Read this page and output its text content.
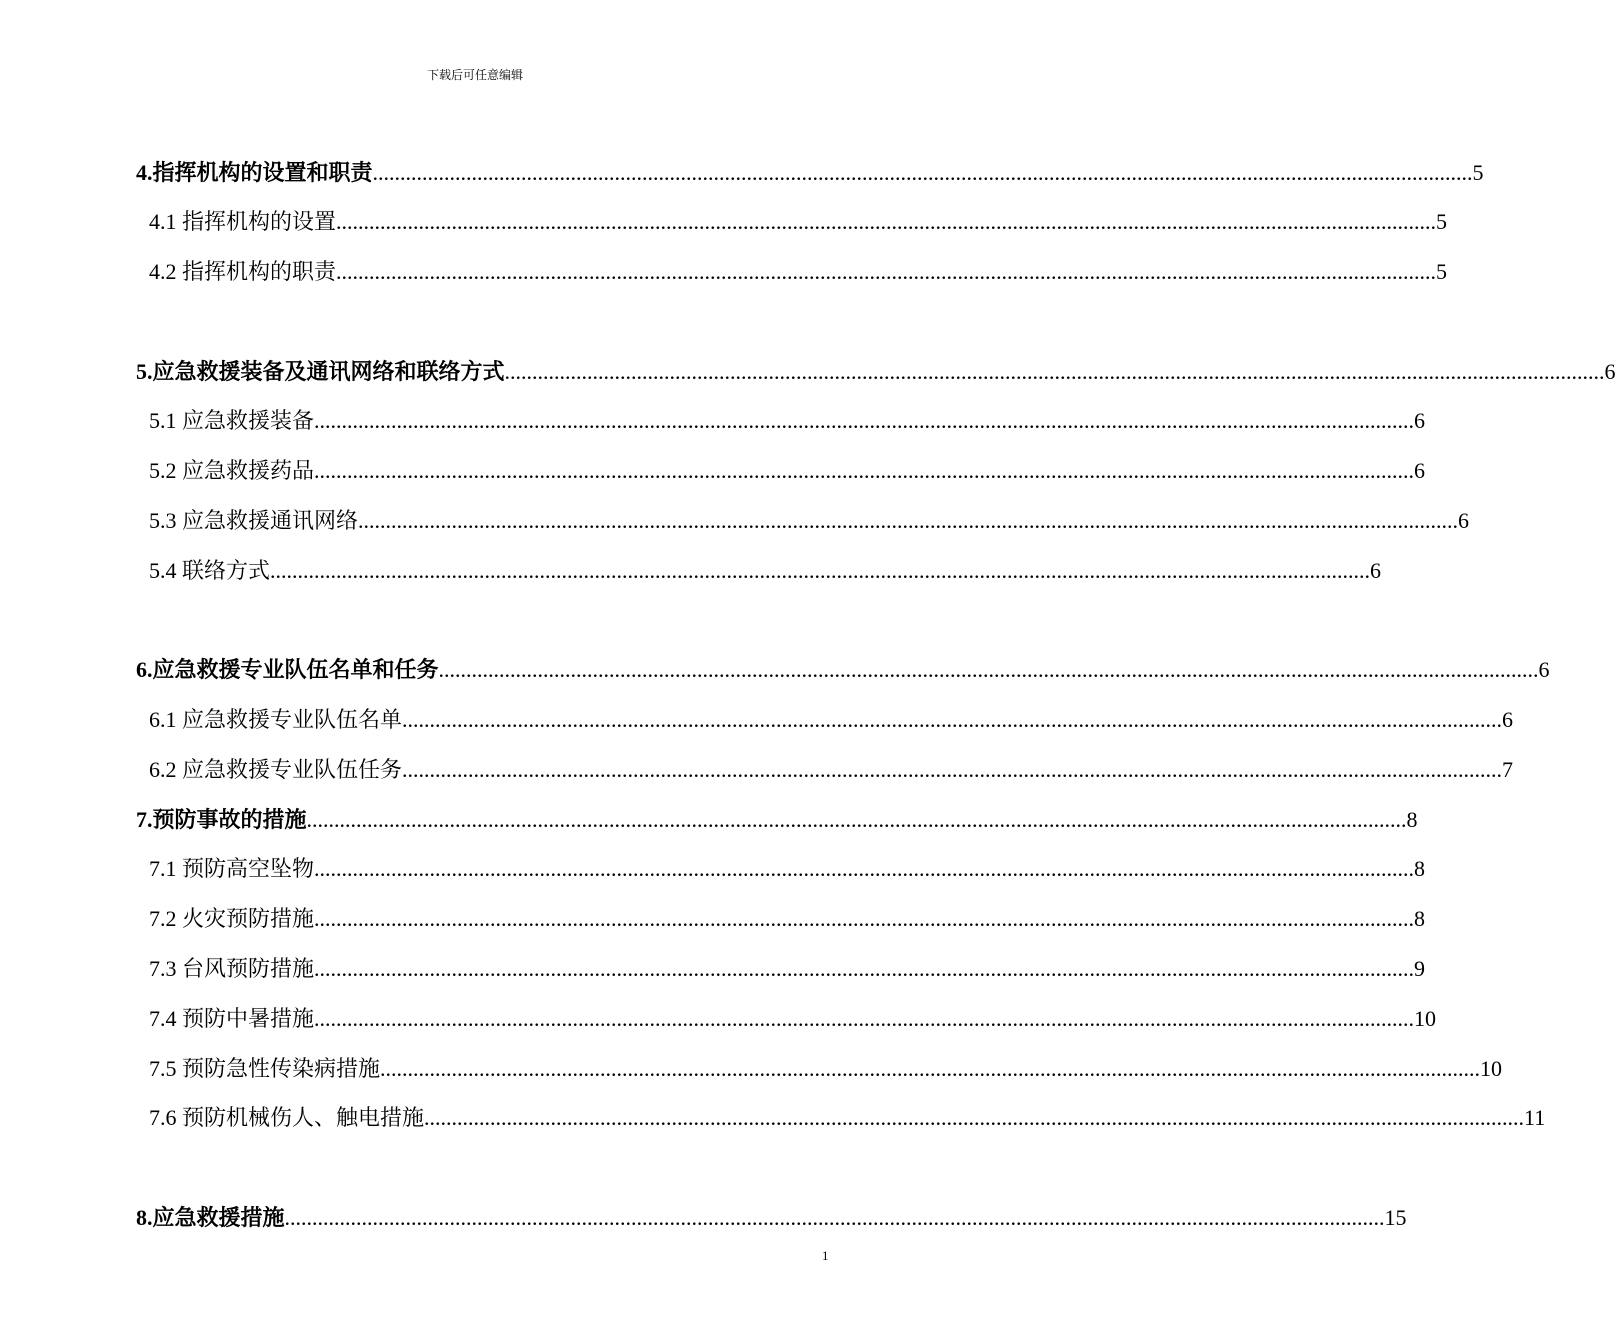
下载后可任意编辑
4.指挥机构的设置和职责 ........................................................................................................................................................................................................ 5
4.1 指挥机构的设置 ........................................................................................................................................................................................................ 5
4.2 指挥机构的职责 ........................................................................................................................................................................................................ 5
5.应急救援装备及通讯网络和联络方式 ........................................................................................................................................................................................................ 6
5.1 应急救援装备 ........................................................................................................................................................................................................ 6
5.2 应急救援药品 ........................................................................................................................................................................................................ 6
5.3 应急救援通讯网络 ........................................................................................................................................................................................................ 6
5.4 联络方式 ........................................................................................................................................................................................................ 6
6.应急救援专业队伍名单和任务 ........................................................................................................................................................................................................ 6
6.1 应急救援专业队伍名单 ........................................................................................................................................................................................................ 6
6.2 应急救援专业队伍任务 ........................................................................................................................................................................................................ 7
7.预防事故的措施 ........................................................................................................................................................................................................ 8
7.1 预防高空坠物 ........................................................................................................................................................................................................ 8
7.2 火灾预防措施 ........................................................................................................................................................................................................ 8
7.3 台风预防措施 ........................................................................................................................................................................................................ 9
7.4 预防中暑措施 ........................................................................................................................................................................................................ 10
7.5 预防急性传染病措施 ........................................................................................................................................................................................................ 10
7.6 预防机械伤人、触电措施 ........................................................................................................................................................................................................ 11
8.应急救援措施 ........................................................................................................................................................................................................ 15
1
